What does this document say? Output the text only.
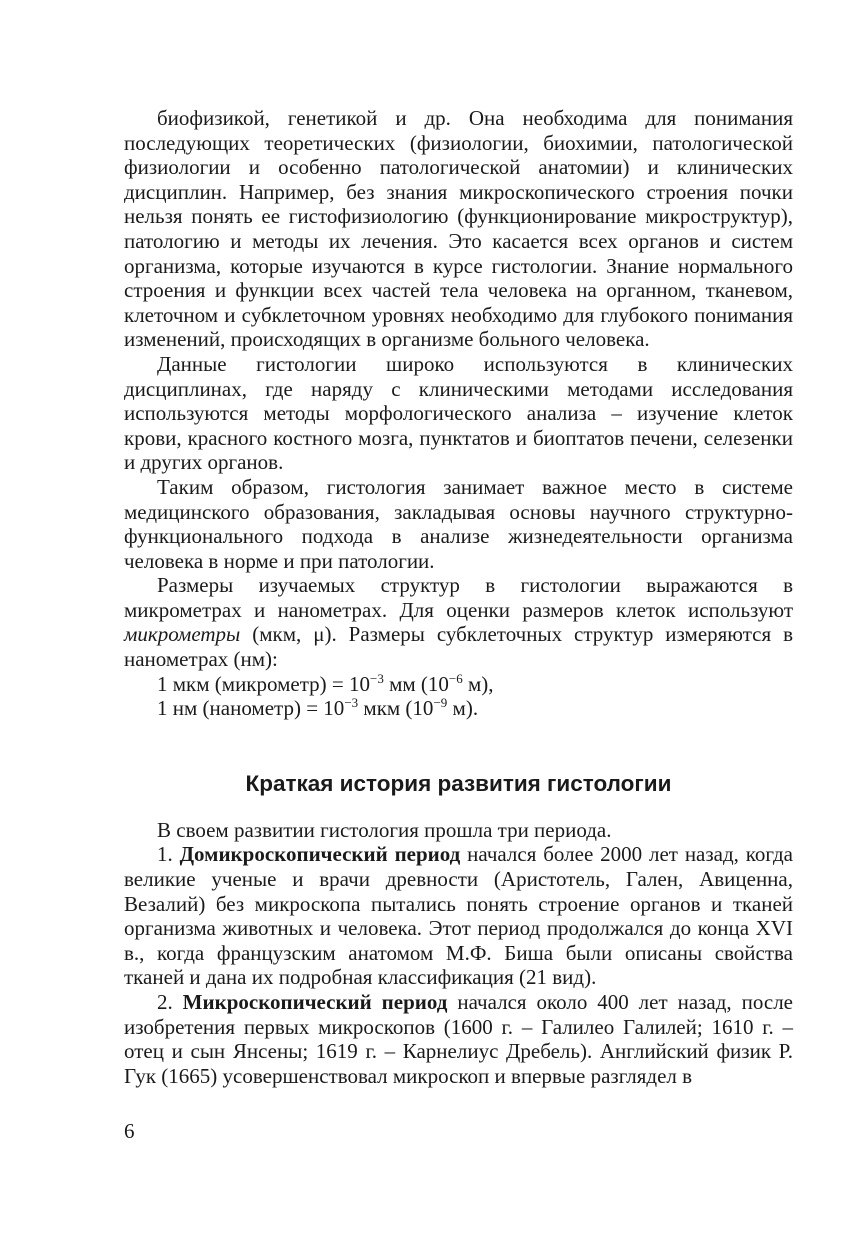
биофизикой, генетикой и др. Она необходима для понимания последующих теоретических (физиологии, биохимии, патологической физиологии и особенно патологической анатомии) и клинических дисциплин. Например, без знания микроскопического строения почки нельзя понять ее гистофизиологию (функционирование микроструктур), патологию и методы их лечения. Это касается всех органов и систем организма, которые изучаются в курсе гистологии. Знание нормального строения и функции всех частей тела человека на органном, тканевом, клеточном и субклеточном уровнях необходимо для глубокого понимания изменений, происходящих в организме больного человека.

Данные гистологии широко используются в клинических дисциплинах, где наряду с клиническими методами исследования используются методы морфологического анализа – изучение клеток крови, красного костного мозга, пунктатов и биоптатов печени, селезенки и других органов.

Таким образом, гистология занимает важное место в системе медицинского образования, закладывая основы научного структурно-функционального подхода в анализе жизнедеятельности организма человека в норме и при патологии.

Размеры изучаемых структур в гистологии выражаются в микрометрах и нанометрах. Для оценки размеров клеток используют микрометры (мкм, μ). Размеры субклеточных структур измеряются в нанометрах (нм):

1 мкм (микрометр) = $10^{-3}$ мм ($10^{-6}$ м),

1 нм (нанометр) = $10^{-3}$ мкм ($10^{-9}$ м).

Краткая история развития гистологии

В своем развитии гистология прошла три периода.

1. Домикроскопический период начался более 2000 лет назад, когда великие ученые и врачи древности (Аристотель, Гален, Авиценна, Везалий) без микроскопа пытались понять строение органов и тканей организма животных и человека. Этот период продолжался до конца XVI в., когда французским анатомом М.Ф. Биша были описаны свойства тканей и дана их подробная классификация (21 вид).

2. Микроскопический период начался около 400 лет назад, после изобретения первых микроскопов (1600 г. – Галилео Галилей; 1610 г. – отец и сын Янсены; 1619 г. – Карнелиус Дребель). Английский физик Р. Гук (1665) усовершенствовал микроскоп и впервые разглядел в

6
